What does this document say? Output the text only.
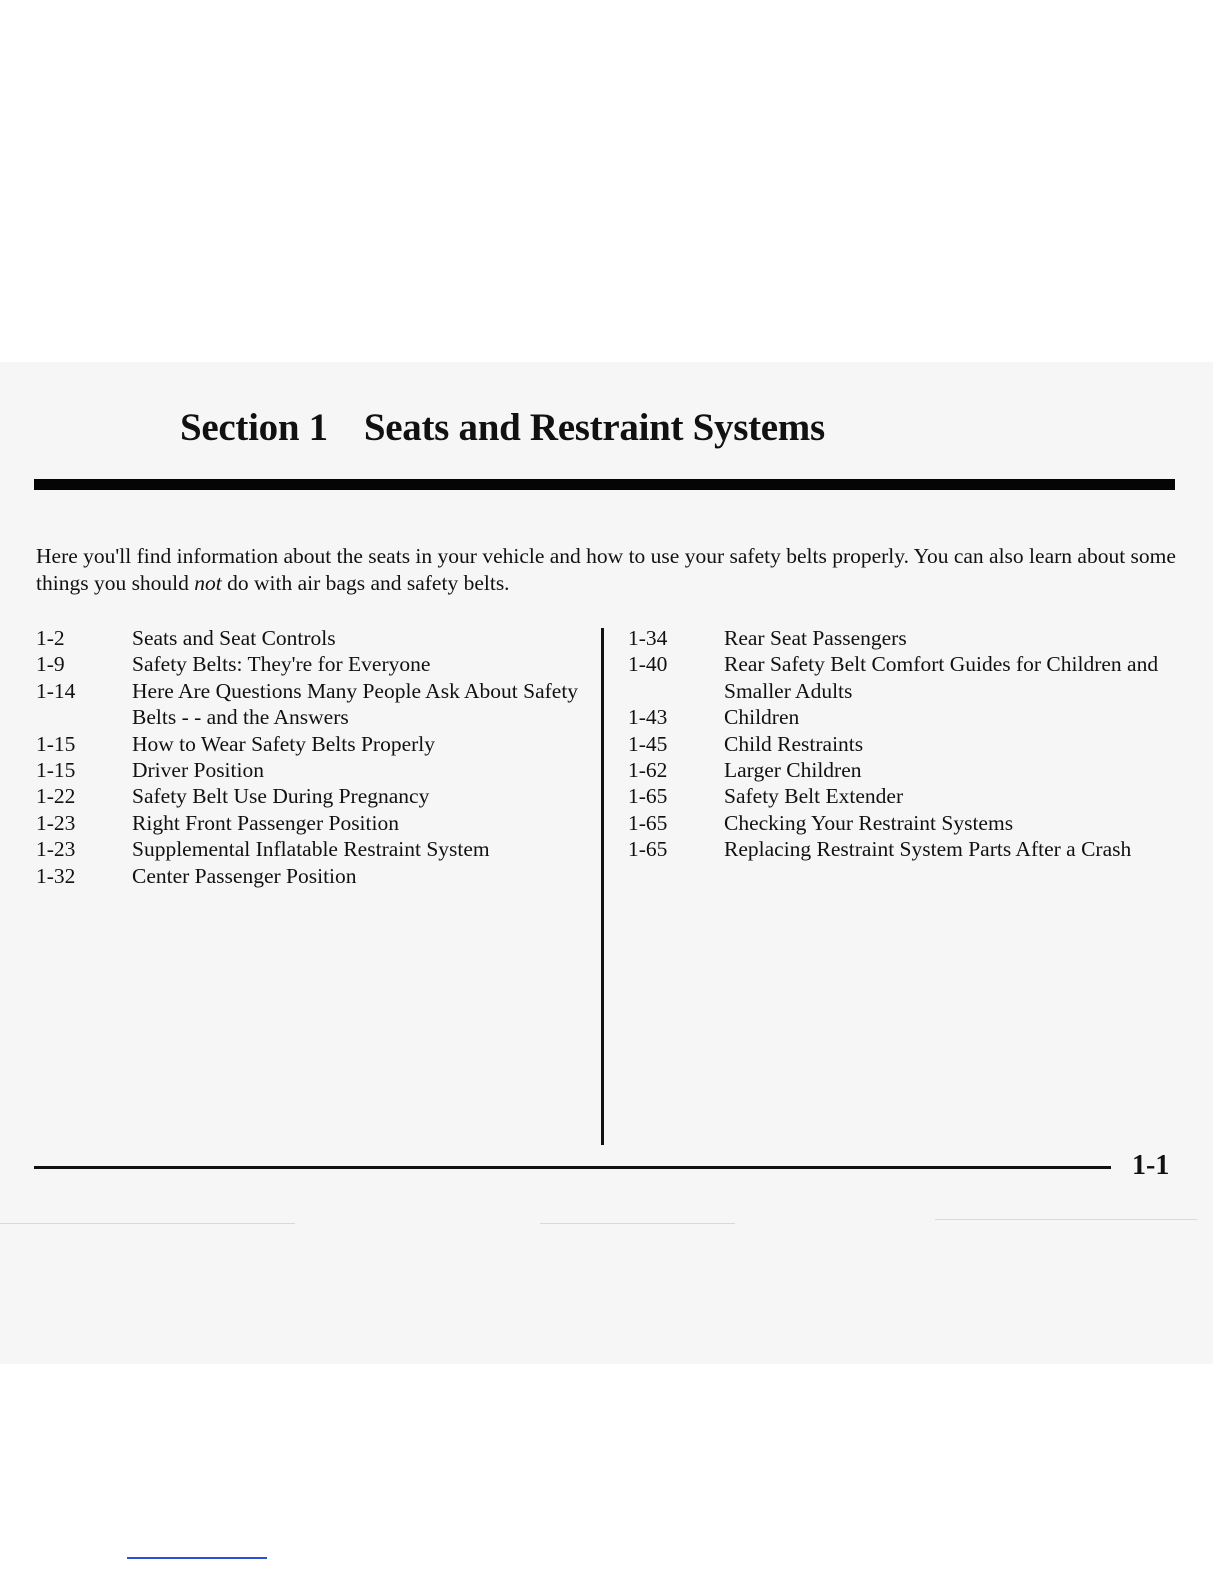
Section 1 Seats and Restraint Systems

Here you'll find information about the seats in your vehicle and how to use your safety belts properly. You can also learn about some things you should not do with air bags and safety belts.

1-2	Seats and Seat Controls
1-9	Safety Belts: They're for Everyone
1-14	Here Are Questions Many People Ask About Safety Belts - - and the Answers
1-15	How to Wear Safety Belts Properly
1-15	Driver Position
1-22	Safety Belt Use During Pregnancy
1-23	Right Front Passenger Position
1-23	Supplemental Inflatable Restraint System
1-32	Center Passenger Position
1-34	Rear Seat Passengers
1-40	Rear Safety Belt Comfort Guides for Children and Smaller Adults
1-43	Children
1-45	Child Restraints
1-62	Larger Children
1-65	Safety Belt Extender
1-65	Checking Your Restraint Systems
1-65	Replacing Restraint System Parts After a Crash
1-1
